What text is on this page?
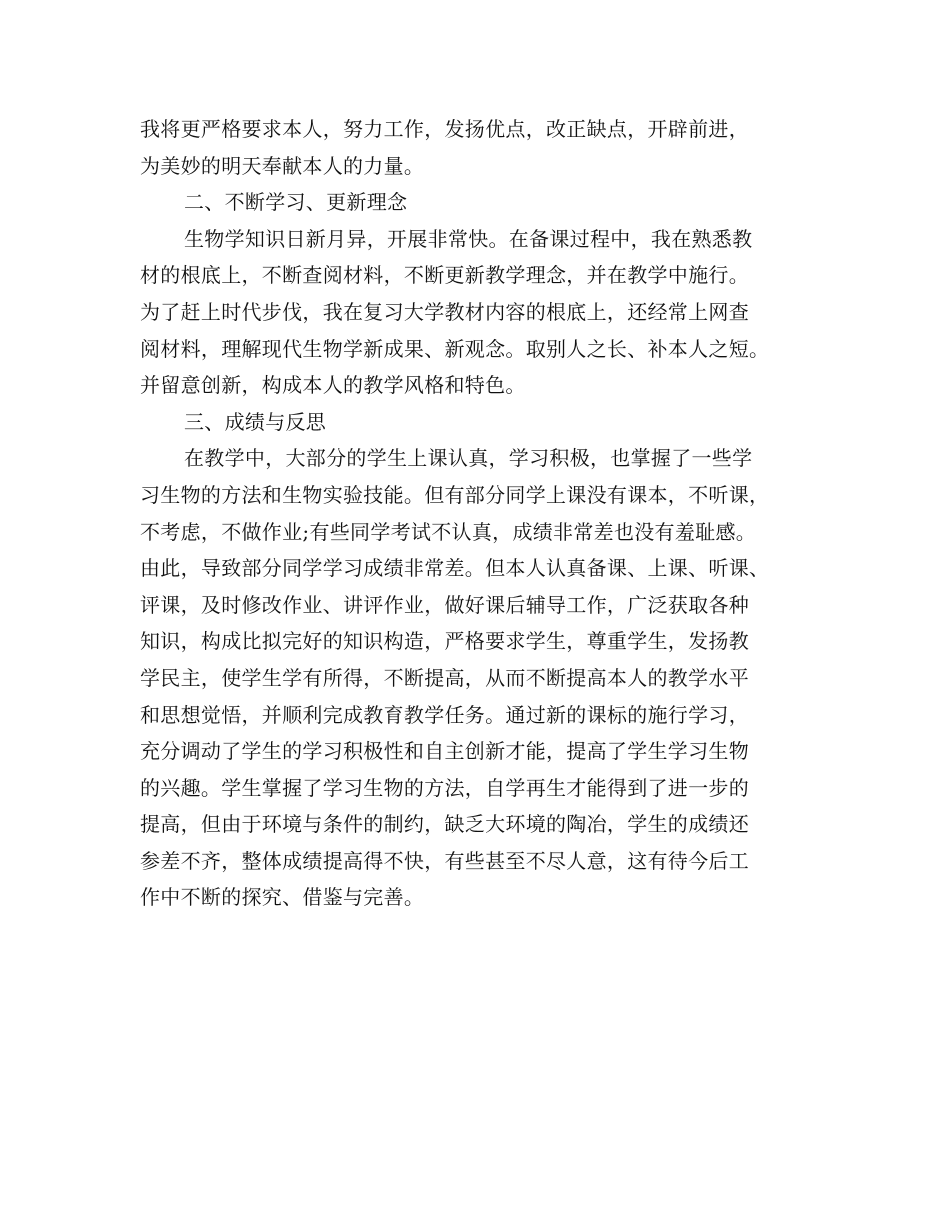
我将更严格要求本人，努力工作，发扬优点，改正缺点，开辟前进，
为美妙的明天奉献本人的力量。
二、不断学习、更新理念
生物学知识日新月异，开展非常快。在备课过程中，我在熟悉教
材的根底上，不断查阅材料，不断更新教学理念，并在教学中施行。
为了赶上时代步伐，我在复习大学教材内容的根底上，还经常上网查
阅材料，理解现代生物学新成果、新观念。取别人之长、补本人之短。
并留意创新，构成本人的教学风格和特色。
三、成绩与反思
在教学中，大部分的学生上课认真，学习积极，也掌握了一些学
习生物的方法和生物实验技能。但有部分同学上课没有课本，不听课，
不考虑，不做作业;有些同学考试不认真，成绩非常差也没有羞耻感。
由此，导致部分同学学习成绩非常差。但本人认真备课、上课、听课、
评课，及时修改作业、讲评作业，做好课后辅导工作，广泛获取各种
知识，构成比拟完好的知识构造，严格要求学生，尊重学生，发扬教
学民主，使学生学有所得，不断提高，从而不断提高本人的教学水平
和思想觉悟，并顺利完成教育教学任务。通过新的课标的施行学习，
充分调动了学生的学习积极性和自主创新才能，提高了学生学习生物
的兴趣。学生掌握了学习生物的方法，自学再生才能得到了进一步的
提高，但由于环境与条件的制约，缺乏大环境的陶冶，学生的成绩还
参差不齐，整体成绩提高得不快，有些甚至不尽人意，这有待今后工
作中不断的探究、借鉴与完善。
